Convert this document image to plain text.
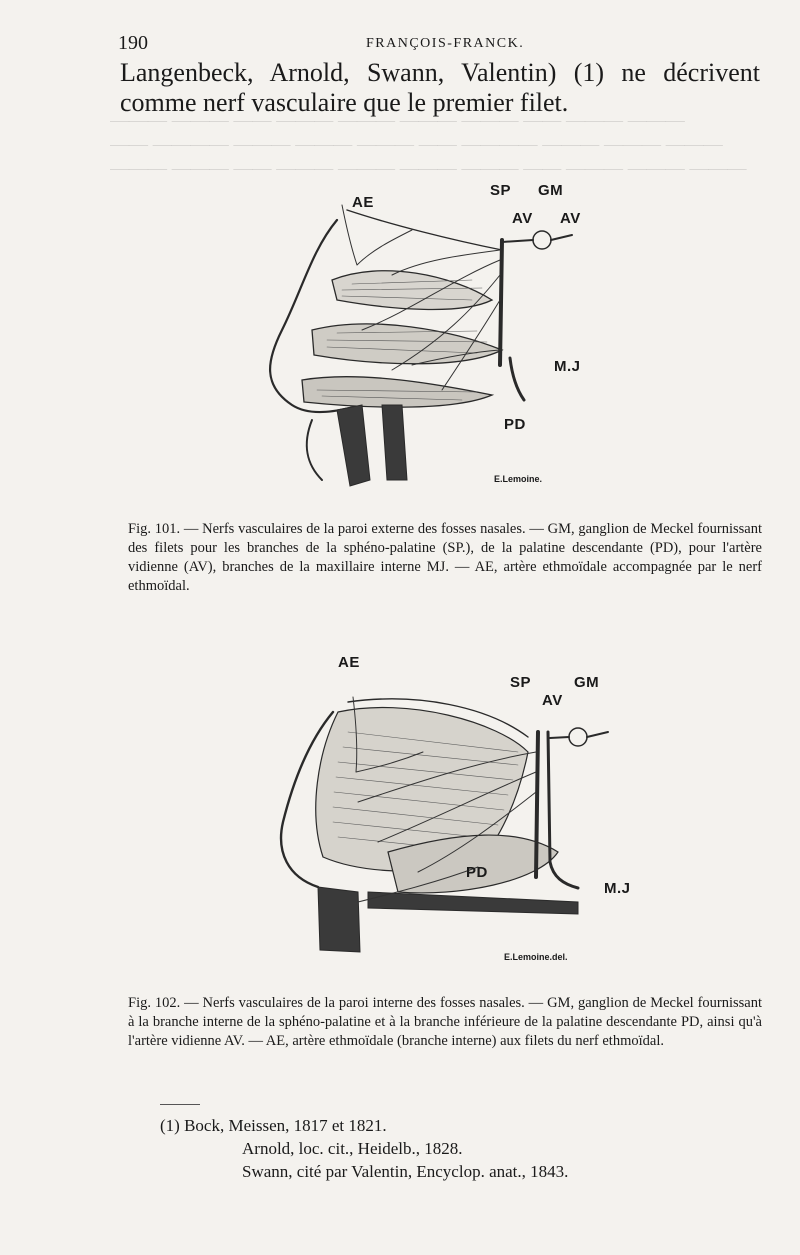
——— ——— —— ——— ——— ——— ——— —— ——— ——— ———
—— ———— ——— ——— ——— —— ———— ——— ——— ———
——— ——— —— ——— ——— ——— ——— —— ——— ———
190	FRANÇOIS-FRANCK.

Langenbeck, Arnold, Swann, Valentin) (1) ne décrivent comme nerf vasculaire que le premier filet.

AE
SP GM
AV AV
M.J
PD
E.Lemoine.

Fig. 101. — Nerfs vasculaires de la paroi externe des fosses nasales. — GM, ganglion de Meckel fournissant des filets pour les branches de la sphéno-palatine (SP.), de la palatine descendante (PD), pour l'artère vidienne (AV), branches de la maxillaire interne MJ. — AE, artère ethmoïdale accompagnée par le nerf ethmoïdal.

AE
SP	GM
AV
PD
M.J
E.Lemoine.del.

Fig. 102. — Nerfs vasculaires de la paroi interne des fosses nasales. — GM, ganglion de Meckel fournissant à la branche interne de la sphéno-palatine et à la branche inférieure de la palatine descendante PD, ainsi qu'à l'artère vidienne AV. — AE, artère ethmoïdale (branche interne) aux filets du nerf ethmoïdal.

(1) Bock, Meissen, 1817 et 1821.
Arnold, loc. cit., Heidelb., 1828.
Swann, cité par Valentin, Encyclop. anat., 1843.
